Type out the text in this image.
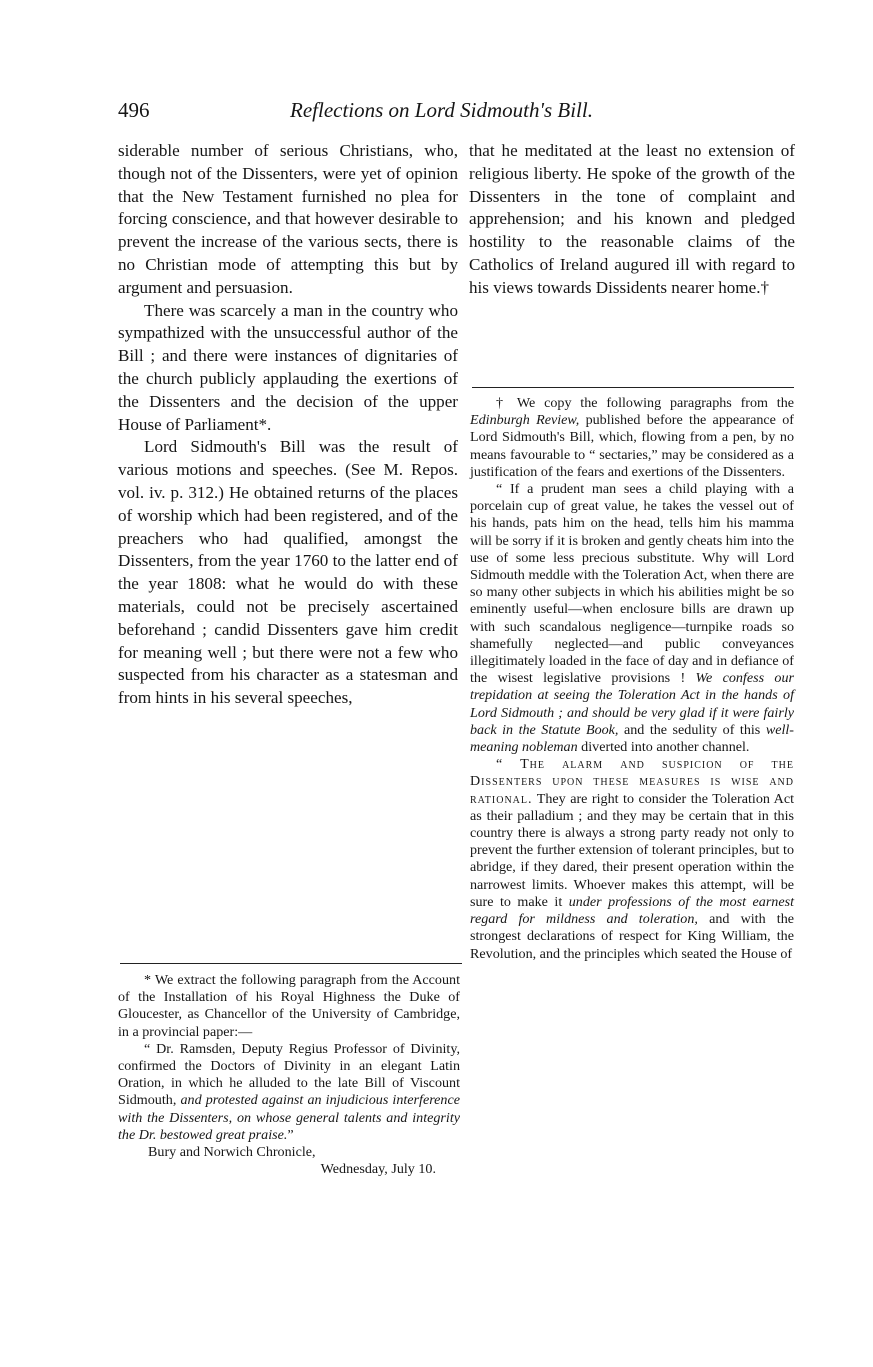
496	Reflections on Lord Sidmouth's Bill.

siderable number of serious Christians, who, though not of the Dissenters, were yet of opinion that the New Testament furnished no plea for forcing conscience, and that however desirable to prevent the increase of the various sects, there is no Christian mode of attempting this but by argument and persuasion.

There was scarcely a man in the country who sympathized with the unsuccessful author of the Bill ; and there were instances of dignitaries of the church publicly applauding the exertions of the Dissenters and the decision of the upper House of Parliament*.

Lord Sidmouth's Bill was the result of various motions and speeches. (See M. Repos. vol. iv. p. 312.) He obtained returns of the places of worship which had been registered, and of the preachers who had qualified, amongst the Dissenters, from the year 1760 to the latter end of the year 1808: what he would do with these materials, could not be precisely ascertained beforehand ; candid Dissenters gave him credit for meaning well ; but there were not a few who suspected from his character as a statesman and from hints in his several speeches,

that he meditated at the least no extension of religious liberty. He spoke of the growth of the Dissenters in the tone of complaint and apprehension; and his known and pledged hostility to the reasonable claims of the Catholics of Ireland augured ill with regard to his views towards Dissidents nearer home.†

* We extract the following paragraph from the Account of the Installation of his Royal Highness the Duke of Gloucester, as Chancellor of the University of Cambridge, in a provincial paper:—

“ Dr. Ramsden, Deputy Regius Professor of Divinity, confirmed the Doctors of Divinity in an elegant Latin Oration, in which he alluded to the late Bill of Viscount Sidmouth, and protested against an injudicious interference with the Dissenters, on whose general talents and integrity the Dr. bestowed great praise.”

Bury and Norwich Chronicle,

Wednesday, July 10.

† We copy the following paragraphs from the Edinburgh Review, published before the appearance of Lord Sidmouth's Bill, which, flowing from a pen, by no means favourable to “ sectaries,” may be considered as a justification of the fears and exertions of the Dissenters.

“ If a prudent man sees a child playing with a porcelain cup of great value, he takes the vessel out of his hands, pats him on the head, tells him his mamma will be sorry if it is broken and gently cheats him into the use of some less precious substitute. Why will Lord Sidmouth meddle with the Toleration Act, when there are so many other subjects in which his abilities might be so eminently useful—when enclosure bills are drawn up with such scandalous negligence—turnpike roads so shamefully neglected—and public conveyances illegitimately loaded in the face of day and in defiance of the wisest legislative provisions ! We confess our trepidation at seeing the Toleration Act in the hands of Lord Sidmouth ; and should be very glad if it were fairly back in the Statute Book, and the sedulity of this well-meaning nobleman diverted into another channel.

“ The alarm and suspicion of the Dissenters upon these measures is wise and rational. They are right to consider the Toleration Act as their palladium ; and they may be certain that in this country there is always a strong party ready not only to prevent the further extension of tolerant principles, but to abridge, if they dared, their present operation within the narrowest limits. Whoever makes this attempt, will be sure to make it under professions of the most earnest regard for mildness and toleration, and with the strongest declarations of respect for King William, the Revolution, and the principles which seated the House of
